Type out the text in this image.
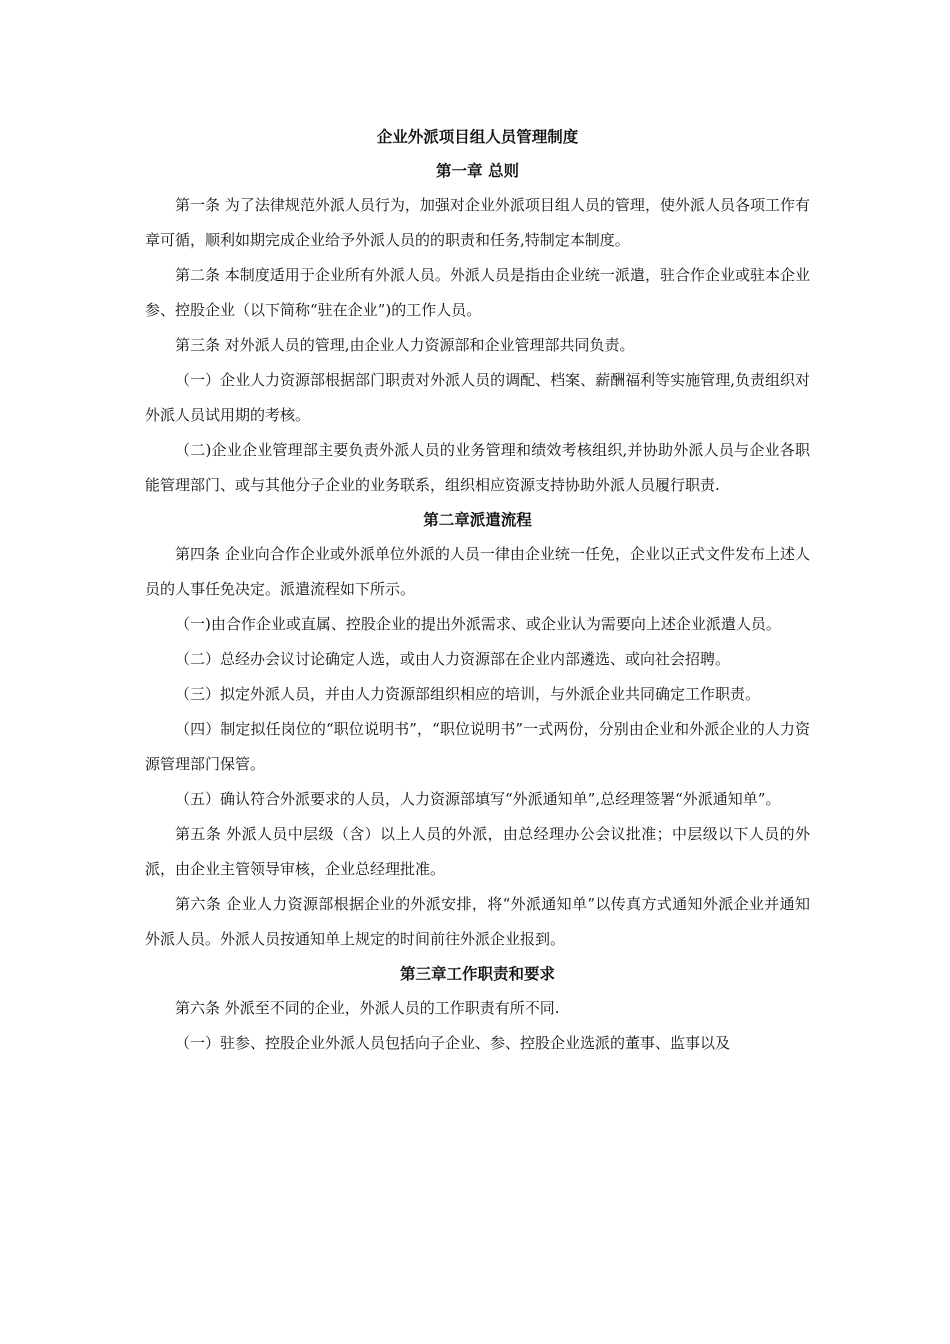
企业外派项目组人员管理制度
第一章 总则

第一条 为了法律规范外派人员行为，加强对企业外派项目组人员的管理，使外派人员各项工作有章可循，顺利如期完成企业给予外派人员的的职责和任务,特制定本制度。

第二条 本制度适用于企业所有外派人员。外派人员是指由企业统一派遣，驻合作企业或驻本企业参、控股企业（以下简称“驻在企业”)的工作人员。

第三条 对外派人员的管理,由企业人力资源部和企业管理部共同负责。

（一）企业人力资源部根据部门职责对外派人员的调配、档案、薪酬福利等实施管理,负责组织对外派人员试用期的考核。

（二)企业企业管理部主要负责外派人员的业务管理和绩效考核组织,并协助外派人员与企业各职能管理部门、或与其他分子企业的业务联系，组织相应资源支持协助外派人员履行职责.

第二章派遣流程

第四条 企业向合作企业或外派单位外派的人员一律由企业统一任免，企业以正式文件发布上述人员的人事任免决定。派遣流程如下所示。

（一)由合作企业或直属、控股企业的提出外派需求、或企业认为需要向上述企业派遣人员。

（二）总经办会议讨论确定人选，或由人力资源部在企业内部遴选、或向社会招聘。

（三）拟定外派人员，并由人力资源部组织相应的培训，与外派企业共同确定工作职责。

（四）制定拟任岗位的“职位说明书”，“职位说明书”一式两份，分别由企业和外派企业的人力资源管理部门保管。

（五）确认符合外派要求的人员，人力资源部填写“外派通知单”,总经理签署“外派通知单”。

第五条 外派人员中层级（含）以上人员的外派，由总经理办公会议批准；中层级以下人员的外派，由企业主管领导审核，企业总经理批准。

第六条 企业人力资源部根据企业的外派安排，将“外派通知单”以传真方式通知外派企业并通知外派人员。外派人员按通知单上规定的时间前往外派企业报到。

第三章工作职责和要求

第六条 外派至不同的企业，外派人员的工作职责有所不同.

（一）驻参、控股企业外派人员包括向子企业、参、控股企业选派的董事、监事以及
